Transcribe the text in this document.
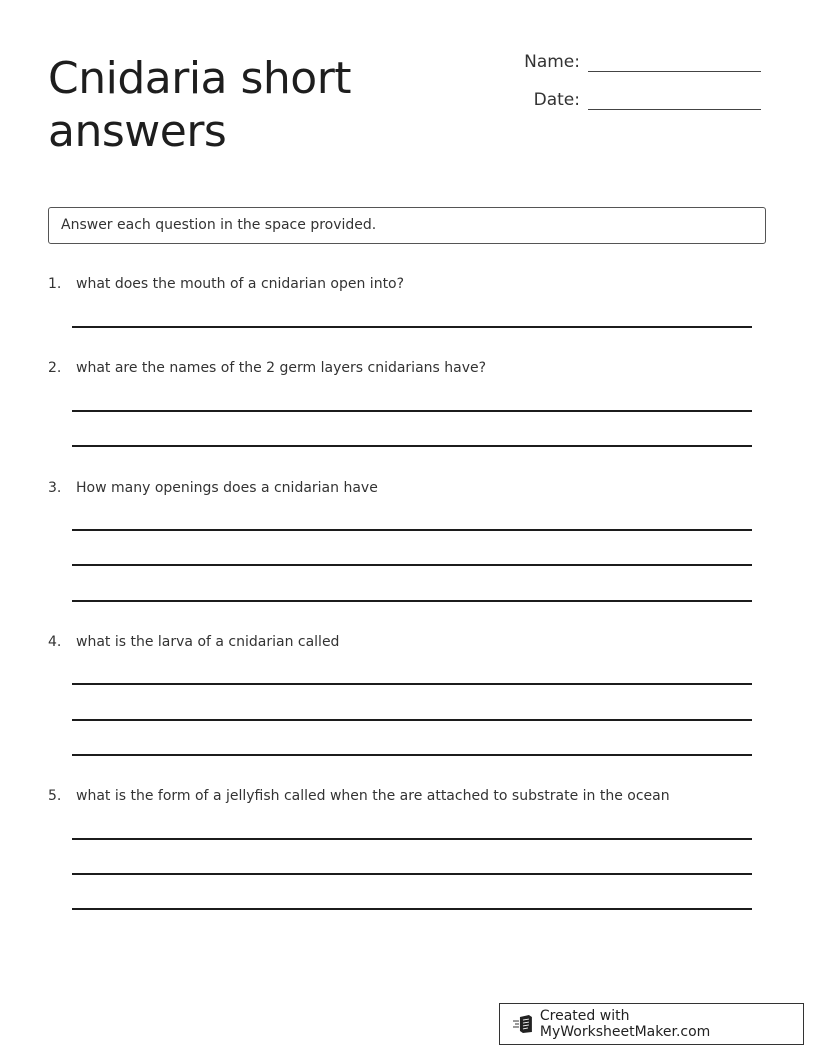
Cnidaria short
answers
Name:
Date:
Answer each question in the space provided.
1. what does the mouth of a cnidarian open into?
2. what are the names of the 2 germ layers cnidarians have?
3. How many openings does a cnidarian have
4. what is the larva of a cnidarian called
5. what is the form of a jellyfish called when the are attached to substrate in the ocean
Created with MyWorksheetMaker.com
